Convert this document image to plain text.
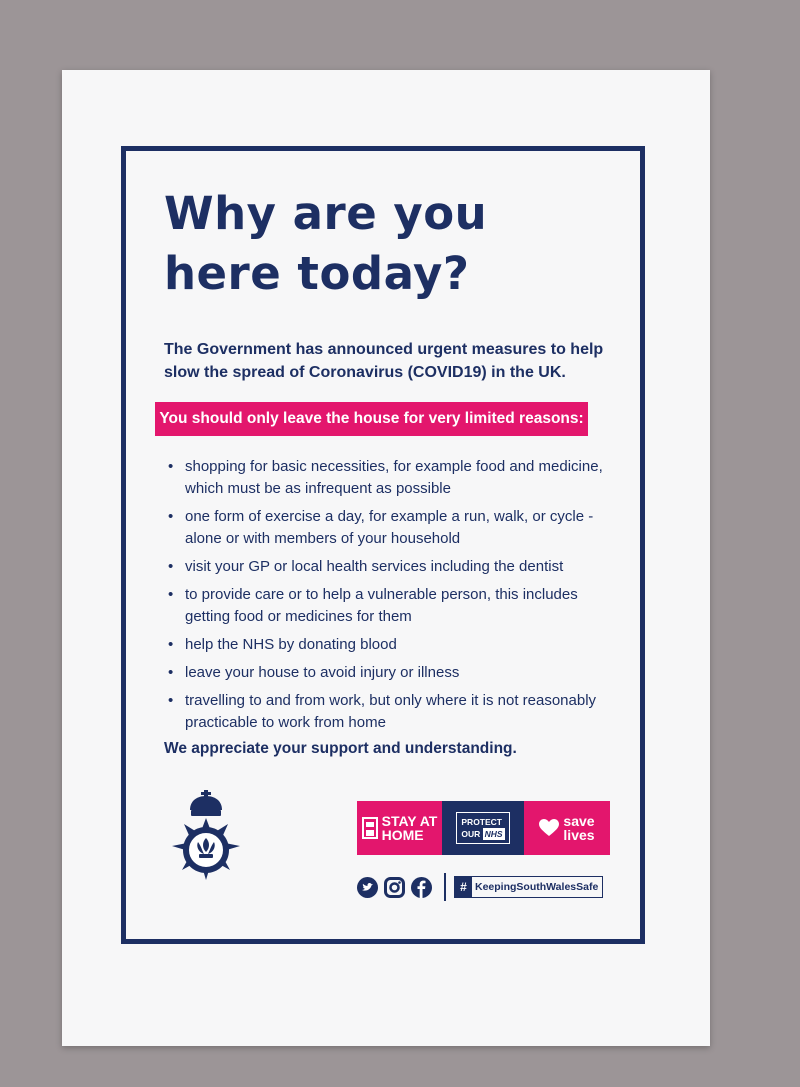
Why are you here today?

The Government has announced urgent measures to help slow the spread of Coronavirus (COVID19) in the UK.

You should only leave the house for very limited reasons:
• shopping for basic necessities, for example food and medicine, which must be as infrequent as possible
• one form of exercise a day, for example a run, walk, or cycle - alone or with members of your household
• visit your GP or local health services including the dentist
• to provide care or to help a vulnerable person, this includes getting food or medicines for them
• help the NHS by donating blood
• leave your house to avoid injury or illness
• travelling to and from work, but only where it is not reasonably practicable to work from home

We appreciate your support and understanding.

STAY AT
HOME
PROTECT
OUR NHS
save
lives
# KeepingSouthWalesSafe
